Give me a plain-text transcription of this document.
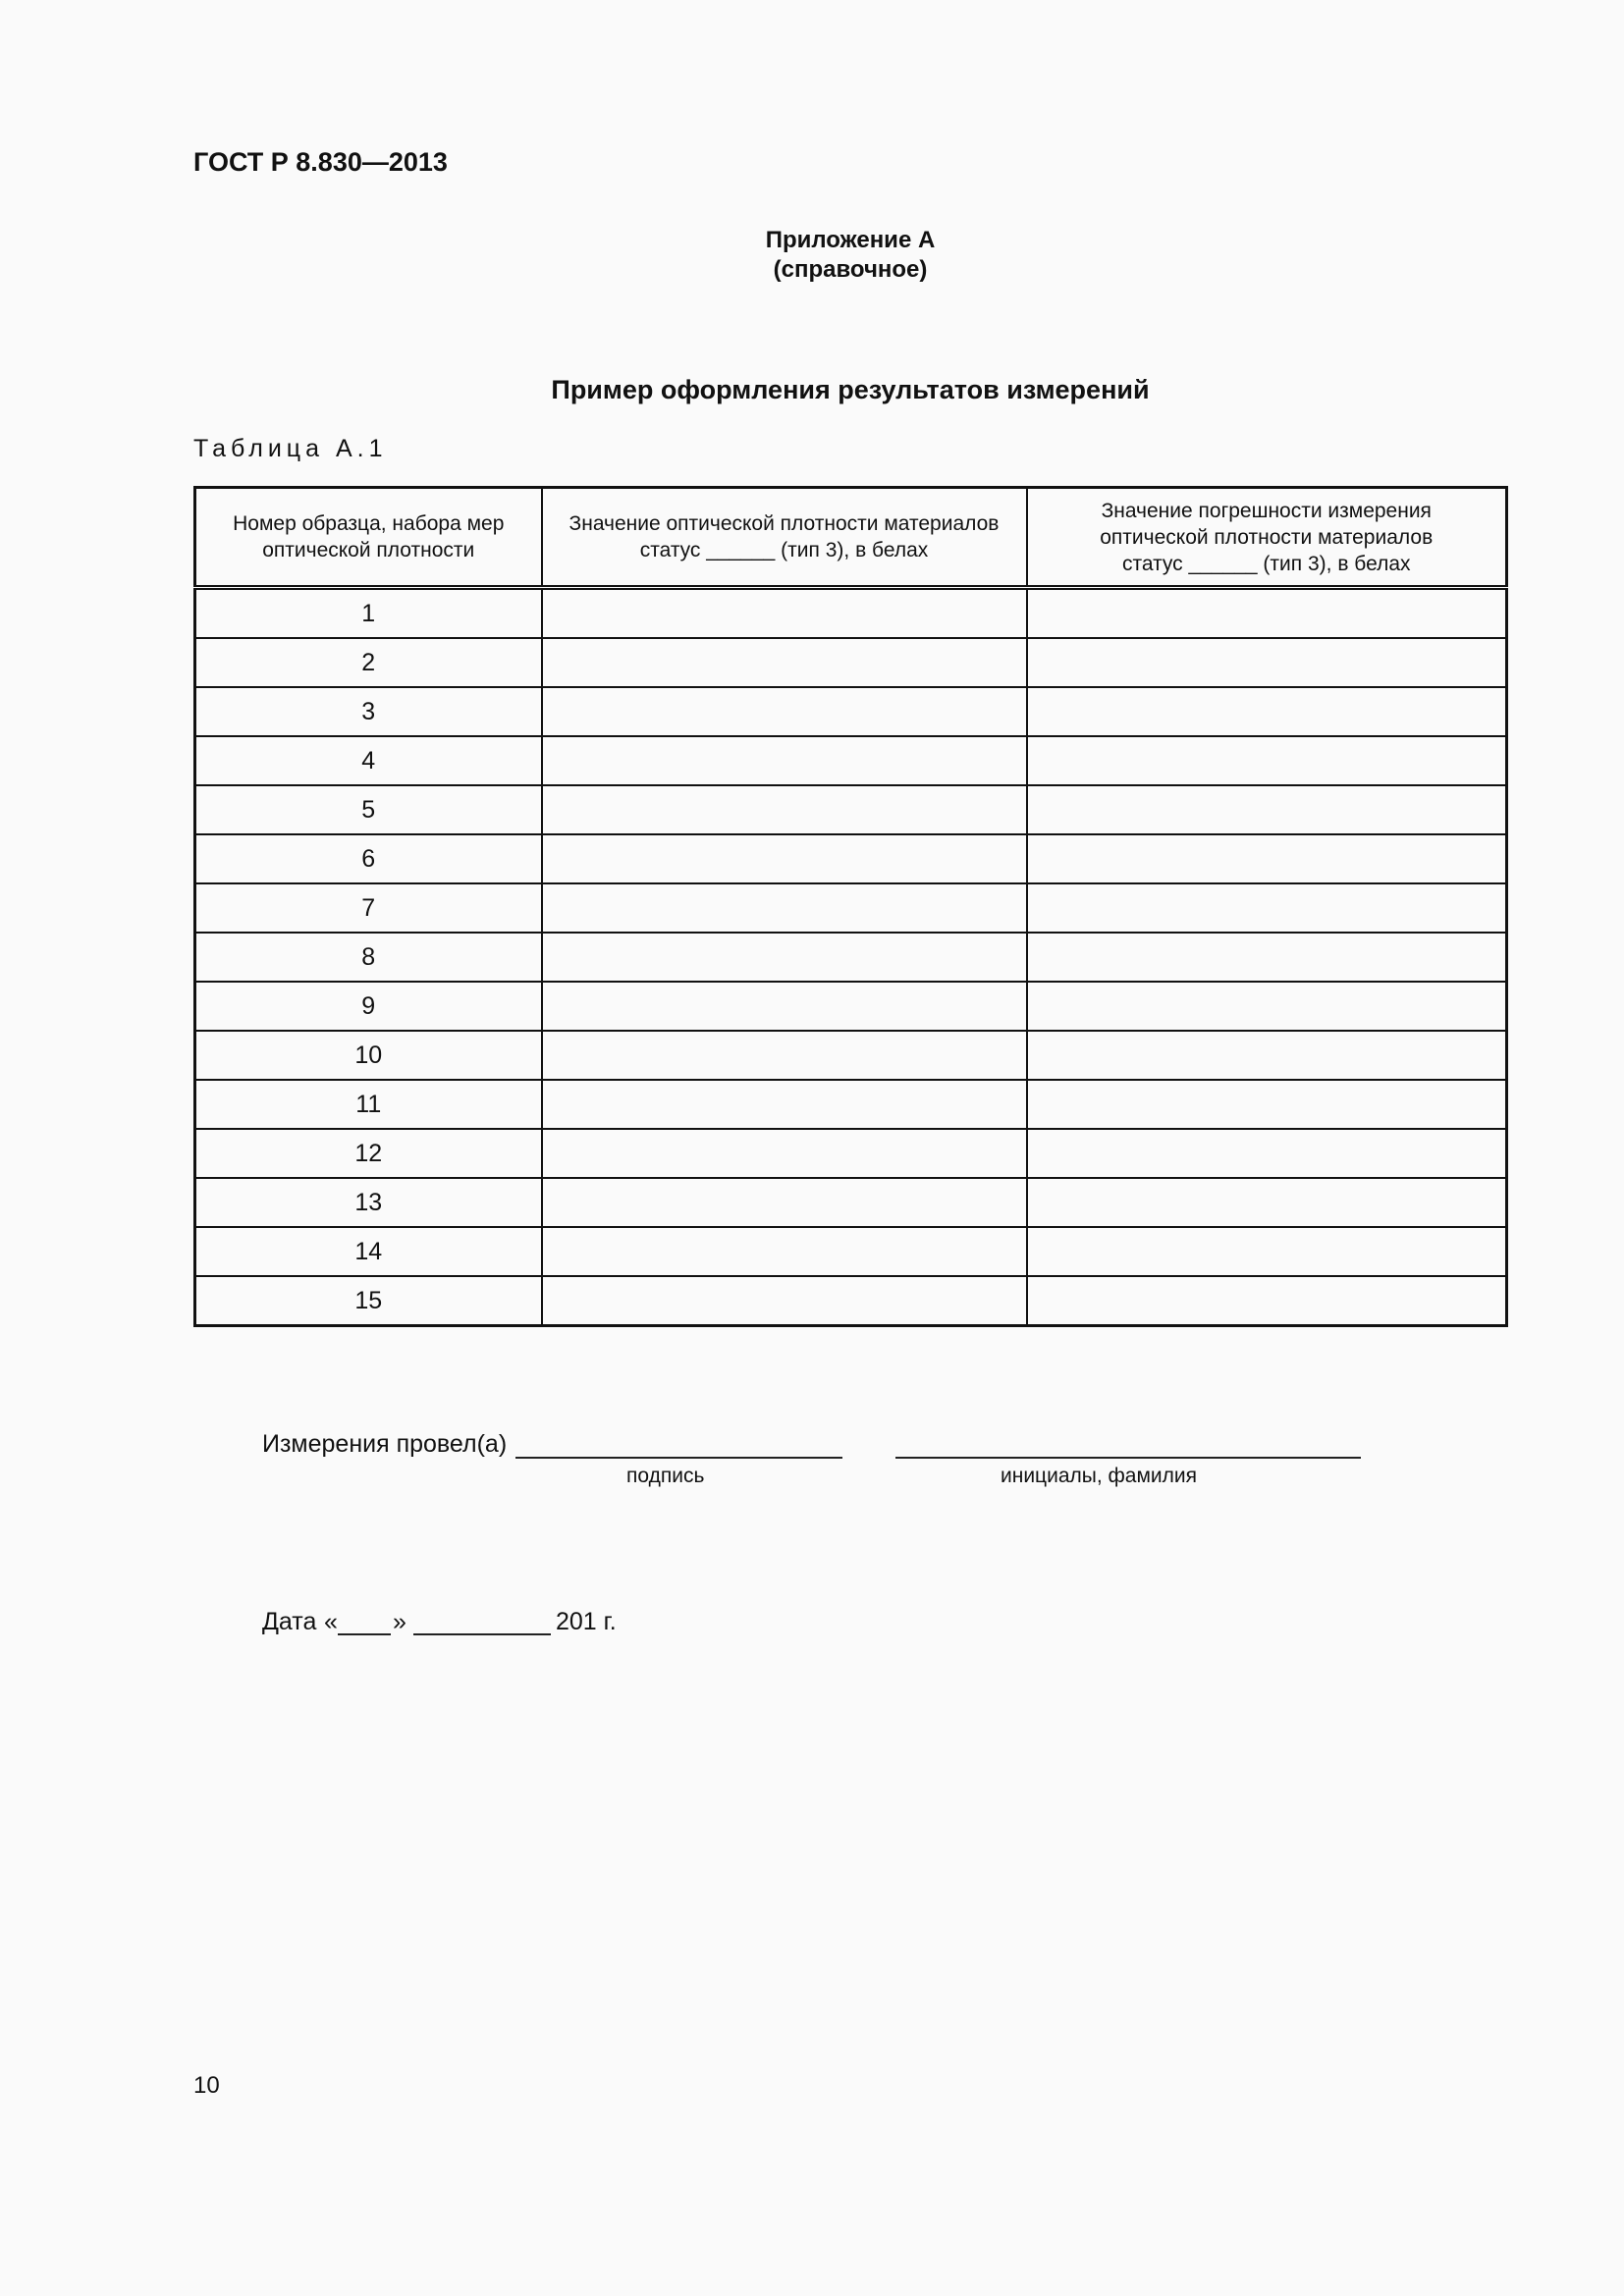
ГОСТ Р 8.830—2013
Приложение А
(справочное)
Пример оформления результатов измерений
Таблица А.1
Номер образца, набора мер оптической плотности	Значение оптической плотности материалов статус ______ (тип 3), в белах	Значение погрешности измерения оптической плотности материалов статус ______ (тип 3), в белах
1		
2		
3		
4		
5		
6		
7		
8		
9		
10		
11		
12		
13		
14		
15		
Измерения провел(а)
подпись	инициалы, фамилия
Дата « »	201 г.
10
